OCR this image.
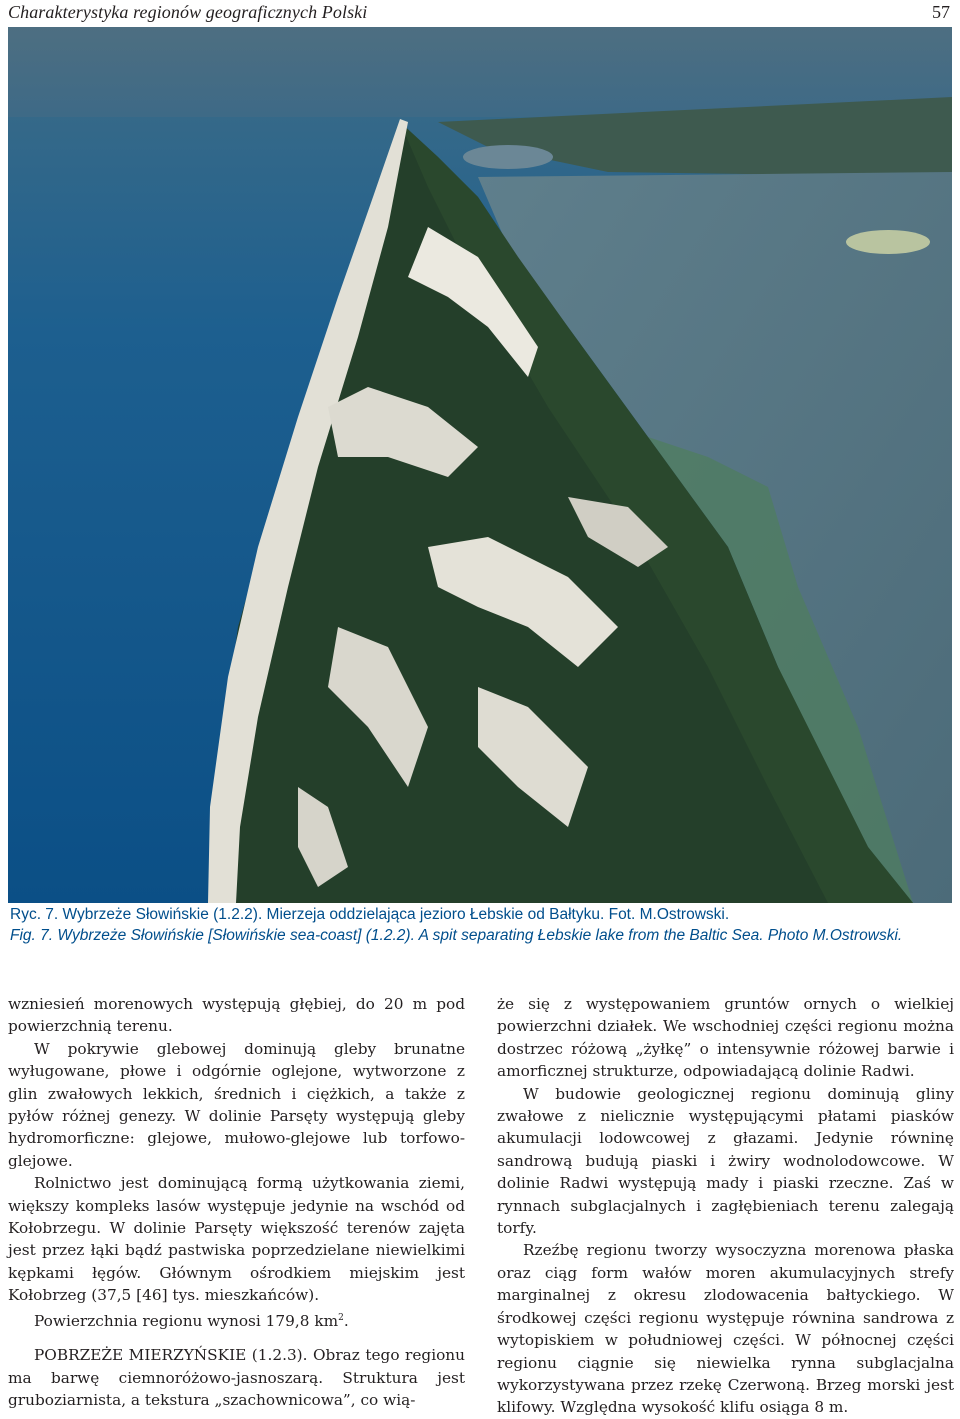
Charakterystyka regionów geograficznych Polski	57
Ryc. 7. Wybrzeże Słowińskie (1.2.2). Mierzeja oddzielająca jezioro Łebskie od Bałtyku. Fot. M.Ostrowski.
Fig. 7. Wybrzeże Słowińskie [Słowińskie sea-coast] (1.2.2). A spit separating Łebskie lake from the Baltic Sea. Photo M.Ostrowski.

wzniesień morenowych występują głębiej, do 20 m pod powierzchnią terenu.

W pokrywie glebowej dominują gleby brunatne wyługowane, płowe i odgórnie oglejone, wytworzone z glin zwałowych lekkich, średnich i ciężkich, a także z pyłów różnej genezy. W dolinie Parsęty występują gleby hydromorficzne: glejowe, mułowo-glejowe lub torfowo- glejowe.

Rolnictwo jest dominującą formą użytkowania ziemi, większy kompleks lasów występuje jedynie na wschód od Kołobrzegu. W dolinie Parsęty większość terenów zajęta jest przez łąki bądź pastwiska poprzedzielane niewielkimi kępkami łęgów. Głównym ośrodkiem miejskim jest Kołobrzeg (37,5 [46] tys. mieszkańców).

Powierzchnia regionu wynosi 179,8 $km^2$.

POBRZEŻE MIERZYŃSKIE (1.2.3). Obraz tego regionu ma barwę ciemnoróżowo-jasnoszarą. Struktura jest gruboziarnista, a tekstura „szachownicowa”, co wią-

że się z występowaniem gruntów ornych o wielkiej powierzchni działek. We wschodniej części regionu można dostrzec różową „żyłkę” o intensywnie różowej barwie i amorficznej strukturze, odpowiadającą dolinie Radwi.

W budowie geologicznej regionu dominują gliny zwałowe z nielicznie występującymi płatami piasków akumulacji lodowcowej z głazami. Jedynie równinę sandrową budują piaski i żwiry wodnolodowcowe. W dolinie Radwi występują mady i piaski rzeczne. Zaś w rynnach subglacjalnych i zagłębieniach terenu zalegają torfy.

Rzeźbę regionu tworzy wysoczyzna morenowa płaska oraz ciąg form wałów moren akumulacyjnych strefy marginalnej z okresu zlodowacenia bałtyckiego. W środkowej części regionu występuje równina sandrowa z wytopiskiem w południowej części. W północnej części regionu ciągnie się niewielka rynna subglacjalna wykorzystywana przez rzekę Czerwoną. Brzeg morski jest klifowy. Względna wysokość klifu osiąga 8 m.
